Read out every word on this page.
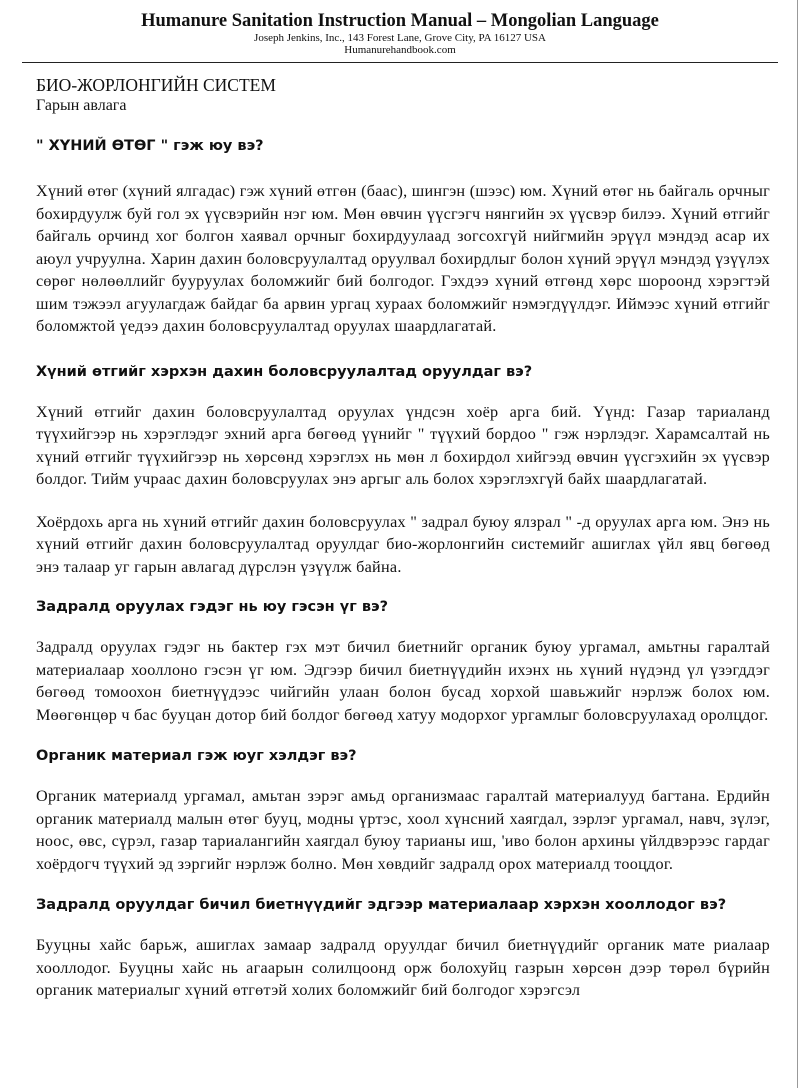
Humanure Sanitation Instruction Manual – Mongolian Language
Joseph Jenkins, Inc., 143 Forest Lane, Grove City, PA 16127 USA
Humanurehandbook.com
БИО-ЖОРЛОНГИЙН СИСТЕМ
Гарын авлага
" ХҮНИЙ ӨТӨГ " гэж юу вэ?

Хүний өтөг (хүний ялгадас) гэж хүний өтгөн (баас), шингэн (шээс) юм. Хүний өтөг нь байгаль орчныг бохирдуулж буй гол эх үүсвэрийн нэг юм. Мөн өвчин үүсгэгч нянгийн эх үүсвэр билээ. Хүний өтгийг байгаль орчинд хог болгон хаявал орчныг бохирдуулаад зогсохгүй нийгмийн эрүүл мэндэд асар их аюул учруулна. Харин дахин боловсруулалтад оруулвал бохирдлыг болон хүний эрүүл мэндэд үзүүлэх сөрөг нөлөөллийг бууруулах боломжийг бий болгодог. Гэхдээ хүний өтгөнд хөрс шороонд хэрэгтэй шим тэжээл агуулагдаж байдаг ба арвин ургац хураах боломжийг нэмэгдүүлдэг. Иймээс хүний өтгийг боломжтой үедээ дахин боловсруулалтад оруулах шаардлагатай.

Хүний өтгийг хэрхэн дахин боловсруулалтад оруулдаг вэ?

Хүний өтгийг дахин боловсруулалтад оруулах үндсэн хоёр арга бий. Үүнд: Газар тариаланд түүхийгээр нь хэрэглэдэг эхний арга бөгөөд үүнийг " түүхий бордоо " гэж нэрлэдэг. Харамсалтай нь хүний өтгийг түүхийгээр нь хөрсөнд хэрэглэх нь мөн л бохирдол хийгээд өвчин үүсгэхийн эх үүсвэр болдог. Тийм учраас дахин боловсруулах энэ аргыг аль болох хэрэглэхгүй байх шаардлагатай.

Хоёрдохь арга нь хүний өтгийг дахин боловсруулах " задрал буюу ялзрал " -д оруулах арга юм. Энэ нь хүний өтгийг дахин боловсруулалтад оруулдаг био-жорлонгийн системийг ашиглах үйл явц бөгөөд энэ талаар уг гарын авлагад дүрслэн үзүүлж байна.

Задралд оруулах гэдэг нь юу гэсэн үг вэ?

Задралд оруулах гэдэг нь бактер гэх мэт бичил биетнийг органик буюу ургамал, амьтны гаралтай материалаар хооллоно гэсэн үг юм. Эдгээр бичил биетнүүдийн ихэнх нь хүний нүдэнд үл үзэгддэг бөгөөд томоохон биетнүүдээс чийгийн улаан болон бусад хорхой шавьжийг нэрлэж болох юм. Мөөгөнцөр ч бас бууцан дотор бий болдог бөгөөд хатуу модорхог ургамлыг боловсруулахад оролцдог.

Органик материал гэж юуг хэлдэг вэ?

Органик материалд ургамал, амьтан зэрэг амьд организмаас гаралтай материалууд багтана. Ердийн органик материалд малын өтөг бууц, модны үртэс, хоол хүнсний хаягдал, зэрлэг ургамал, навч, зүлэг, ноос, өвс, сүрэл, газар тариалангийн хаягдал буюу тарианы иш, 'иво болон архины үйлдвэрээс гардаг хоёрдогч түүхий эд зэргийг нэрлэж болно. Мөн хөвдийг задралд орох материалд тооцдог.

Задралд оруулдаг бичил биетнүүдийг эдгээр материалаар хэрхэн хооллодог вэ?

Бууцны хайс барьж, ашиглах замаар задралд оруулдаг бичил биетнүүдийг органик мате риалаар хооллодог. Бууцны хайс нь агаарын солилцоонд орж болохуйц газрын хөрсөн дээр төрөл бүрийн органик материалыг хүний өтгөтэй холих боломжийг бий болгодог хэрэгсэл
